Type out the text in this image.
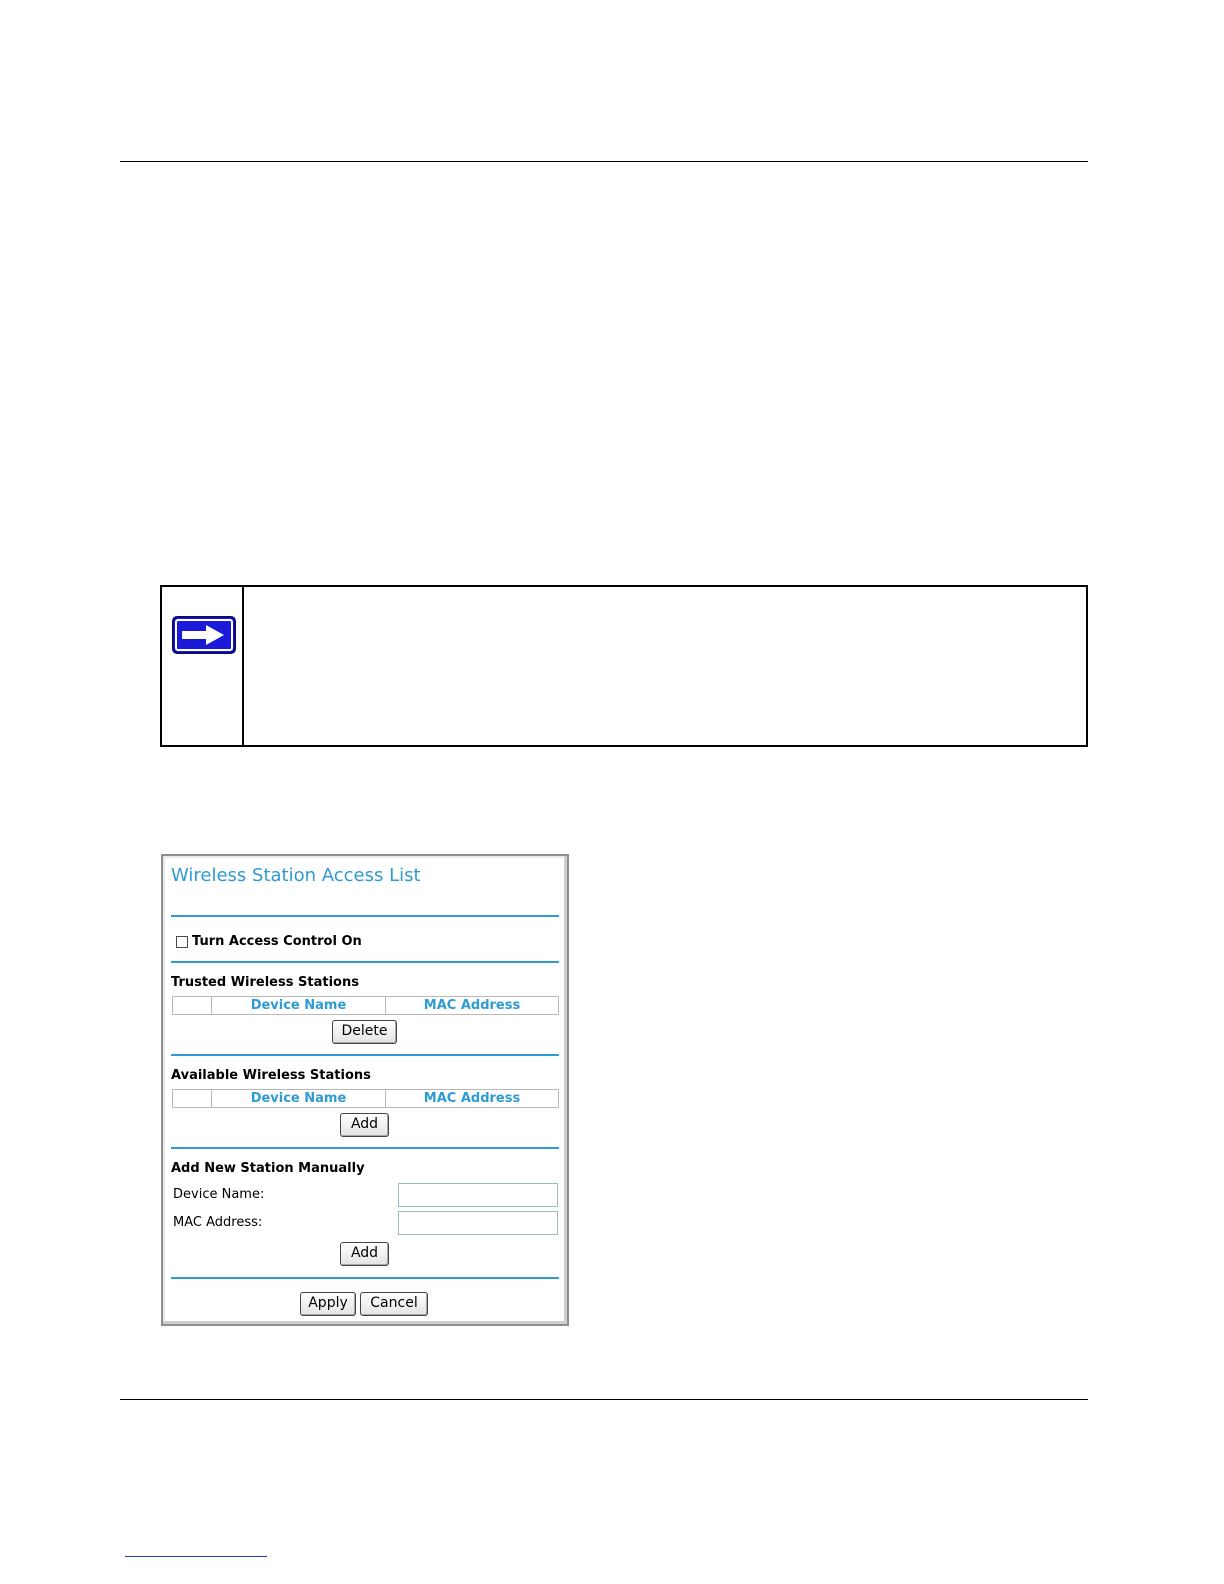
Wireless Station Access List
Turn Access Control On
Trusted Wireless Stations
Device Name	MAC Address
Delete
Available Wireless Stations
Device Name	MAC Address
Add
Add New Station Manually
Device Name:
MAC Address:
Add
Apply	Cancel
